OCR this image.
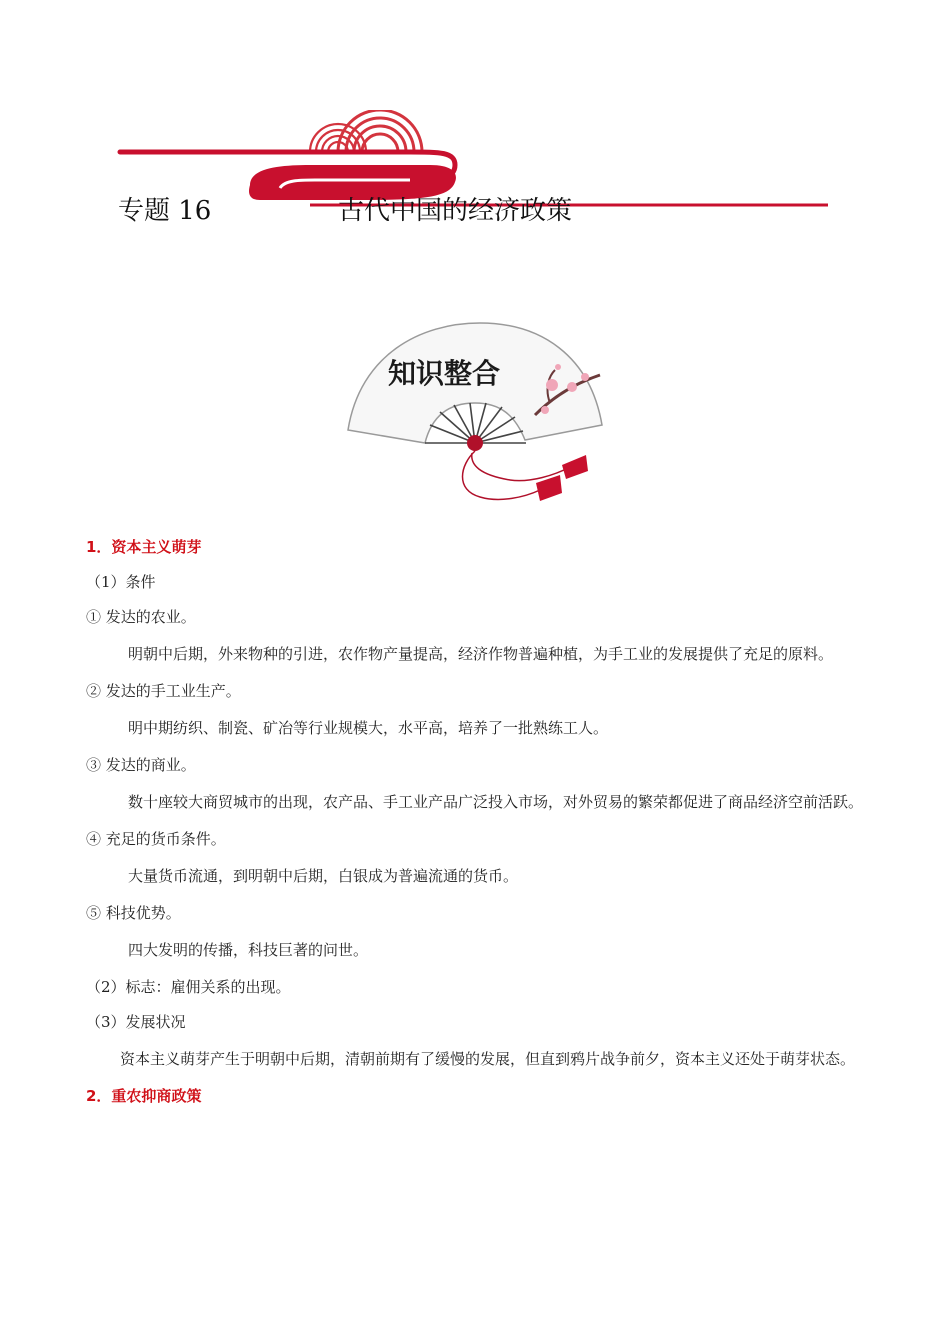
专题 16	古代中国的经济政策
知识整合

1．资本主义萌芽

（1）条件

① 发达的农业。

明朝中后期，外来物种的引进，农作物产量提高，经济作物普遍种植，为手工业的发展提供了充足的原料。

② 发达的手工业生产。

明中期纺织、制瓷、矿冶等行业规模大，水平高，培养了一批熟练工人。

③ 发达的商业。

数十座较大商贸城市的出现，农产品、手工业产品广泛投入市场，对外贸易的繁荣都促进了商品经济空前活跃。

④ 充足的货币条件。

大量货币流通，到明朝中后期，白银成为普遍流通的货币。

⑤ 科技优势。

四大发明的传播，科技巨著的问世。

（2）标志：雇佣关系的出现。

（3）发展状况

资本主义萌芽产生于明朝中后期，清朝前期有了缓慢的发展，但直到鸦片战争前夕，资本主义还处于萌芽状态。

2．重农抑商政策
